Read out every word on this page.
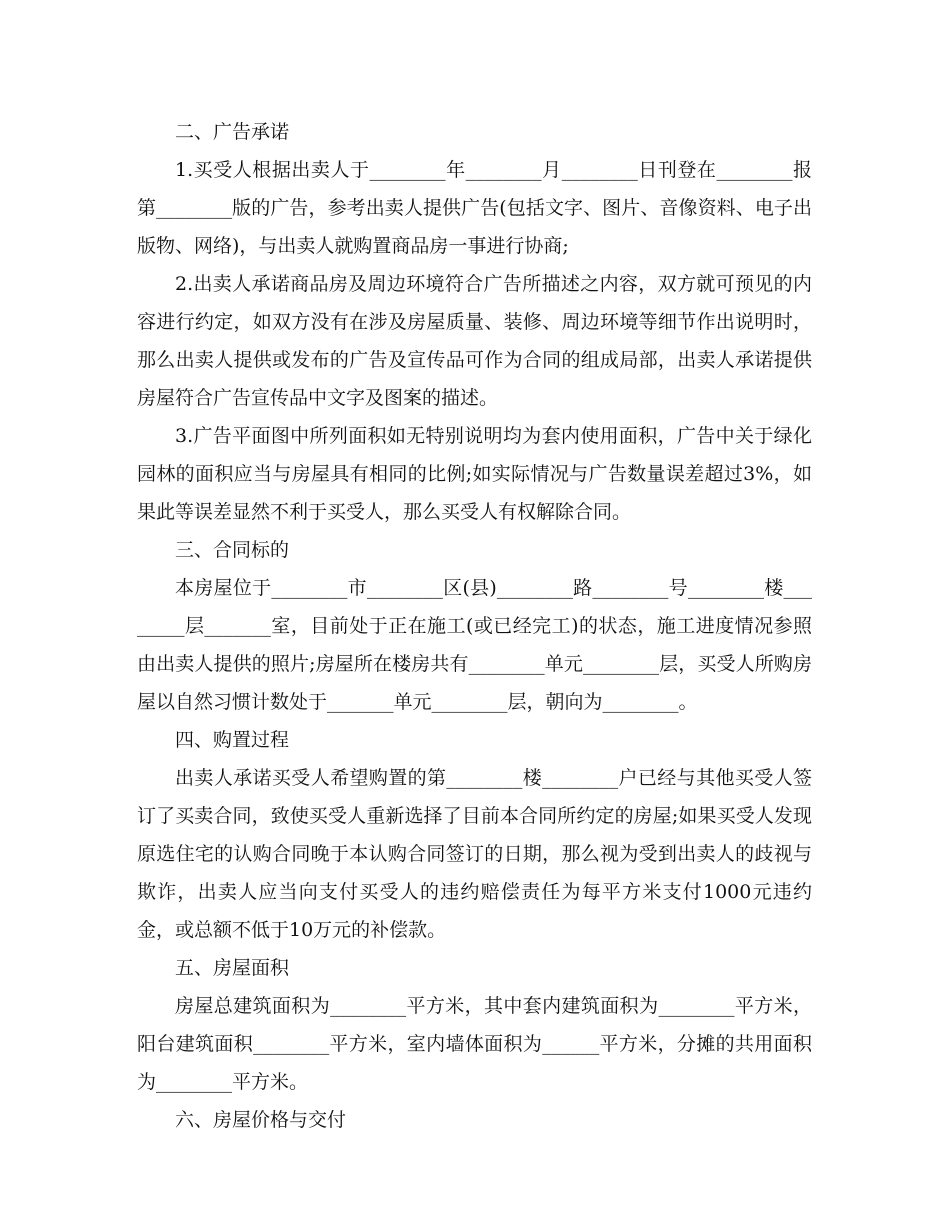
二、广告承诺

1.买受人根据出卖人于________年________月________日刊登在________报第________版的广告，参考出卖人提供广告(包括文字、图片、音像资料、电子出版物、网络)，与出卖人就购置商品房一事进行协商;

2.出卖人承诺商品房及周边环境符合广告所描述之内容，双方就可预见的内容进行约定，如双方没有在涉及房屋质量、装修、周边环境等细节作出说明时，那么出卖人提供或发布的广告及宣传品可作为合同的组成局部，出卖人承诺提供房屋符合广告宣传品中文字及图案的描述。

3.广告平面图中所列面积如无特别说明均为套内使用面积，广告中关于绿化园林的面积应当与房屋具有相同的比例;如实际情况与广告数量误差超过3%，如果此等误差显然不利于买受人，那么买受人有权解除合同。

三、合同标的

本房屋位于________市________区(县)________路________号________楼________层_______室，目前处于正在施工(或已经完工)的状态，施工进度情况参照由出卖人提供的照片;房屋所在楼房共有________单元________层，买受人所购房屋以自然习惯计数处于_______单元________层，朝向为________。

四、购置过程

出卖人承诺买受人希望购置的第________楼________户已经与其他买受人签订了买卖合同，致使买受人重新选择了目前本合同所约定的房屋;如果买受人发现原选住宅的认购合同晚于本认购合同签订的日期，那么视为受到出卖人的歧视与欺诈，出卖人应当向支付买受人的违约赔偿责任为每平方米支付1000元违约金，或总额不低于10万元的补偿款。

五、房屋面积

房屋总建筑面积为________平方米，其中套内建筑面积为________平方米，阳台建筑面积________平方米，室内墙体面积为______平方米，分摊的共用面积为________平方米。

六、房屋价格与交付
